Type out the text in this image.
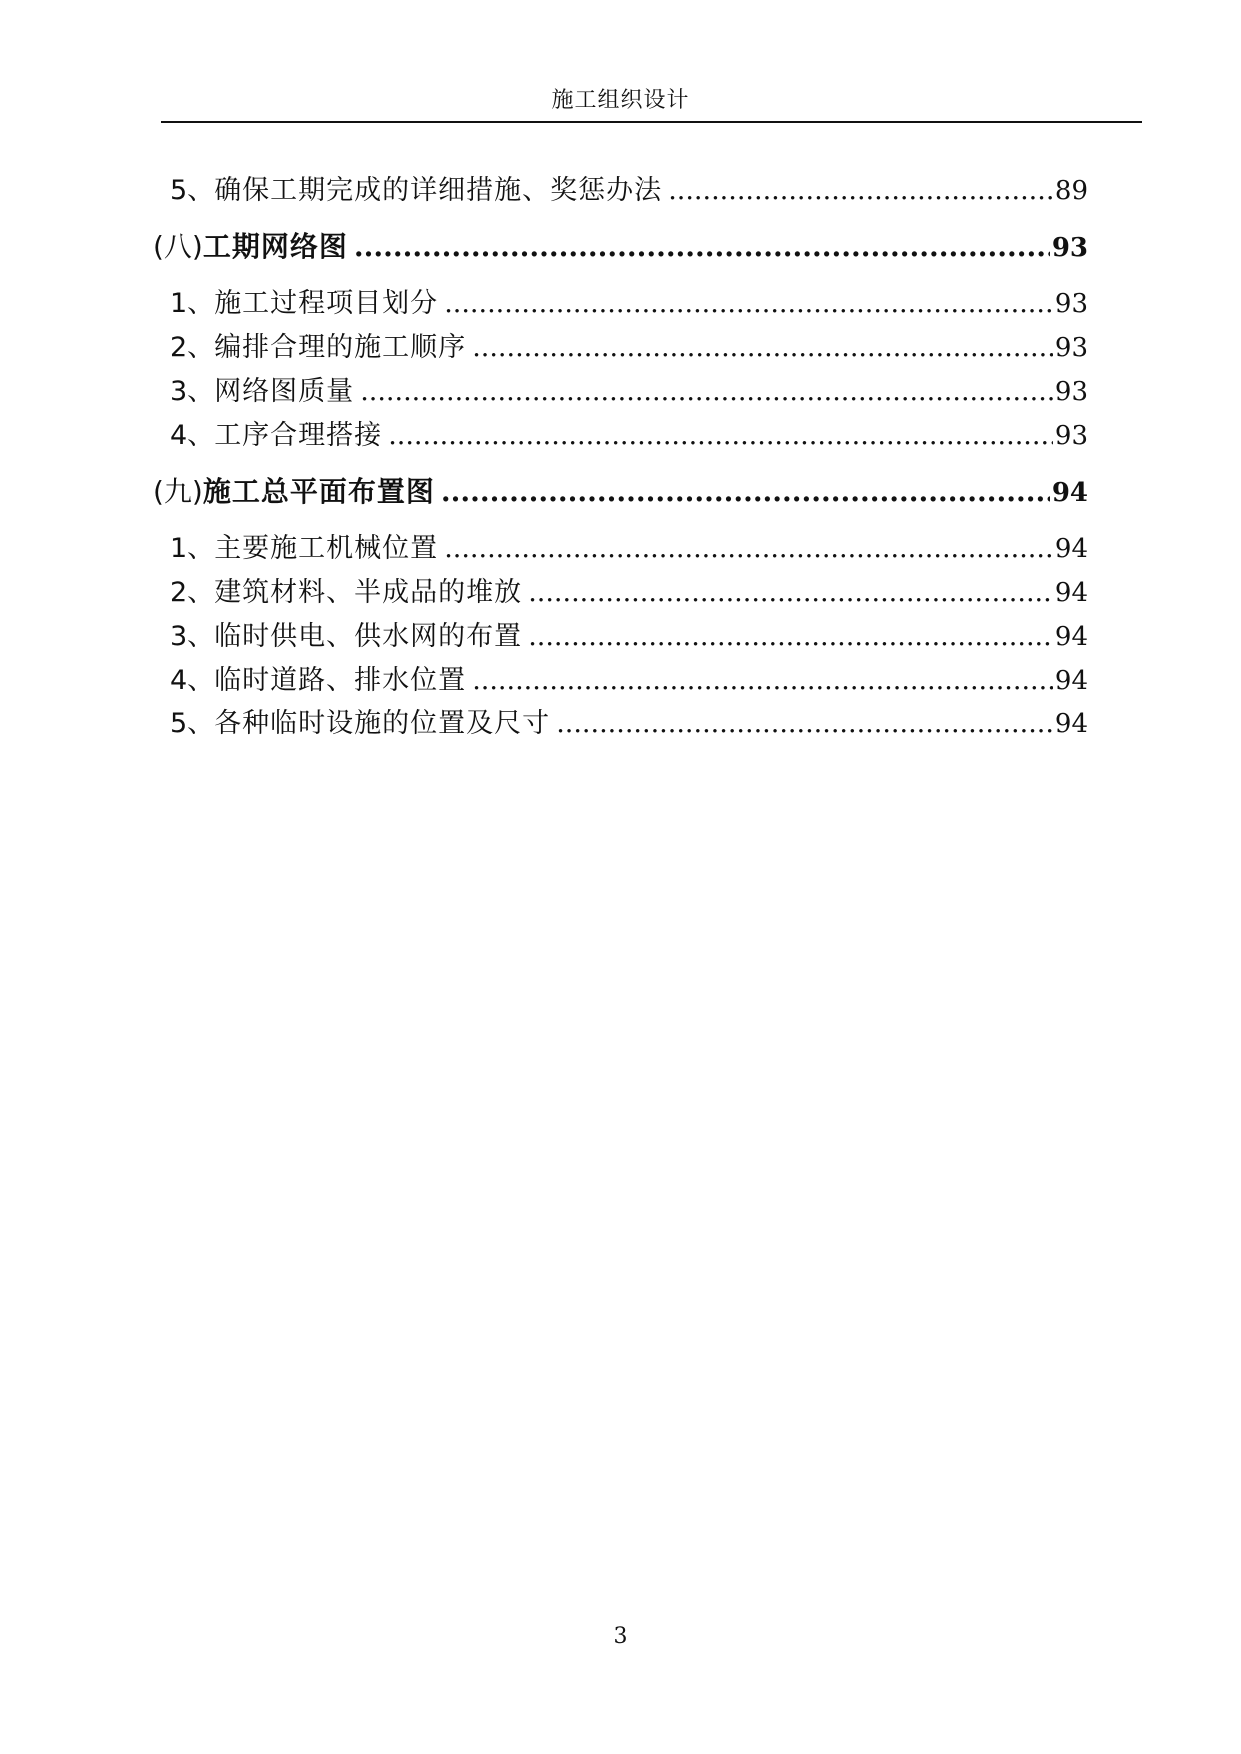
施工组织设计
5、 确保工期完成的详细措施、奖惩办法 .....	89
(八) 工期网络图 .....	93
1、 施工过程项目划分 .....	93
2、 编排合理的施工顺序 .....	93
3、 网络图质量 .....	93
4、 工序合理搭接 .....	93
(九) 施工总平面布置图 .....	94
1、 主要施工机械位置 .....	94
2、 建筑材料、半成品的堆放 .....	94
3、 临时供电、供水网的布置 .....	94
4、 临时道路、排水位置 .....	94
5、 各种临时设施的位置及尺寸 .....	94
3
